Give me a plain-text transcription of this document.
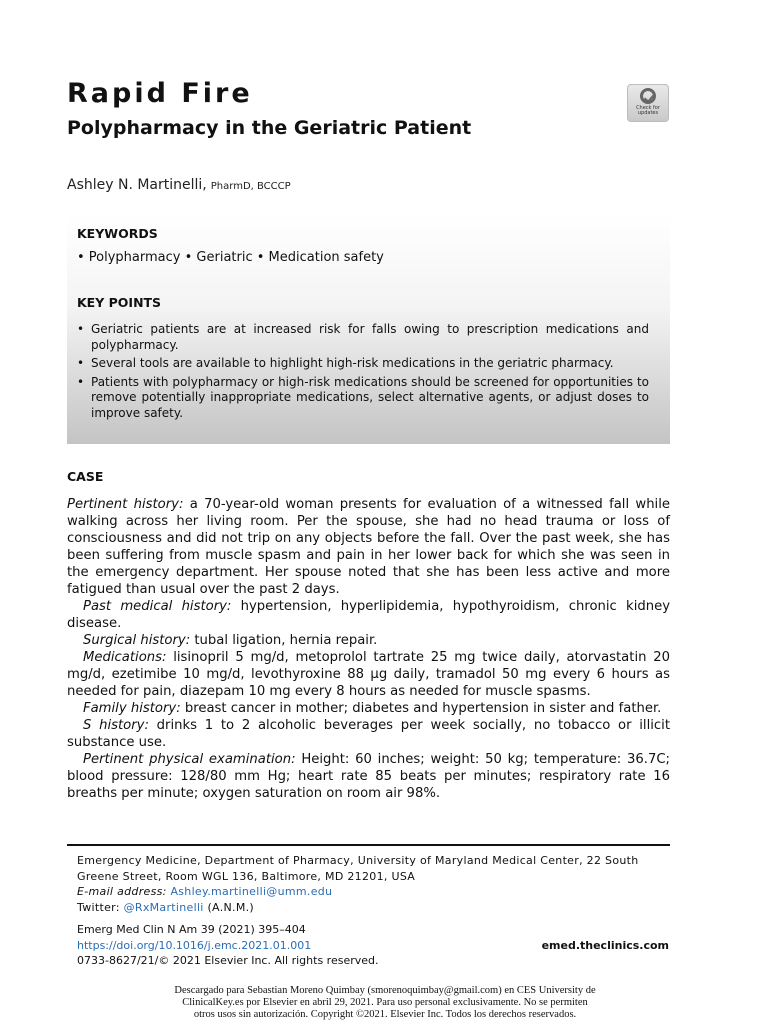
Rapid Fire
Polypharmacy in the Geriatric Patient
Check for updates
Ashley N. Martinelli, PharmD, BCCCP
KEYWORDS
• Polypharmacy • Geriatric • Medication safety
KEY POINTS
• Geriatric patients are at increased risk for falls owing to prescription medications and polypharmacy.
• Several tools are available to highlight high-risk medications in the geriatric pharmacy.
• Patients with polypharmacy or high-risk medications should be screened for opportunities to remove potentially inappropriate medications, select alternative agents, or adjust doses to improve safety.
CASE

Pertinent history: a 70-year-old woman presents for evaluation of a witnessed fall while walking across her living room. Per the spouse, she had no head trauma or loss of consciousness and did not trip on any objects before the fall. Over the past week, she has been suffering from muscle spasm and pain in her lower back for which she was seen in the emergency department. Her spouse noted that she has been less active and more fatigued than usual over the past 2 days.

Past medical history: hypertension, hyperlipidemia, hypothyroidism, chronic kidney disease.

Surgical history: tubal ligation, hernia repair.

Medications: lisinopril 5 mg/d, metoprolol tartrate 25 mg twice daily, atorvastatin 20 mg/d, ezetimibe 10 mg/d, levothyroxine 88 μg daily, tramadol 50 mg every 6 hours as needed for pain, diazepam 10 mg every 8 hours as needed for muscle spasms.

Family history: breast cancer in mother; diabetes and hypertension in sister and father.

S history: drinks 1 to 2 alcoholic beverages per week socially, no tobacco or illicit substance use.

Pertinent physical examination: Height: 60 inches; weight: 50 kg; temperature: 36.7C; blood pressure: 128/80 mm Hg; heart rate 85 beats per minutes; respiratory rate 16 breaths per minute; oxygen saturation on room air 98%.

Emergency Medicine, Department of Pharmacy, University of Maryland Medical Center, 22 South Greene Street, Room WGL 136, Baltimore, MD 21201, USA
E-mail address: Ashley.martinelli@umm.edu
Twitter: @RxMartinelli (A.N.M.)
Emerg Med Clin N Am 39 (2021) 395–404
https://doi.org/10.1016/j.emc.2021.01.001	emed.theclinics.com
0733-8627/21/© 2021 Elsevier Inc. All rights reserved.
Descargado para Sebastian Moreno Quimbay (smorenoquimbay@gmail.com) en CES University de
ClinicalKey.es por Elsevier en abril 29, 2021. Para uso personal exclusivamente. No se permiten
otros usos sin autorización. Copyright ©2021. Elsevier Inc. Todos los derechos reservados.
